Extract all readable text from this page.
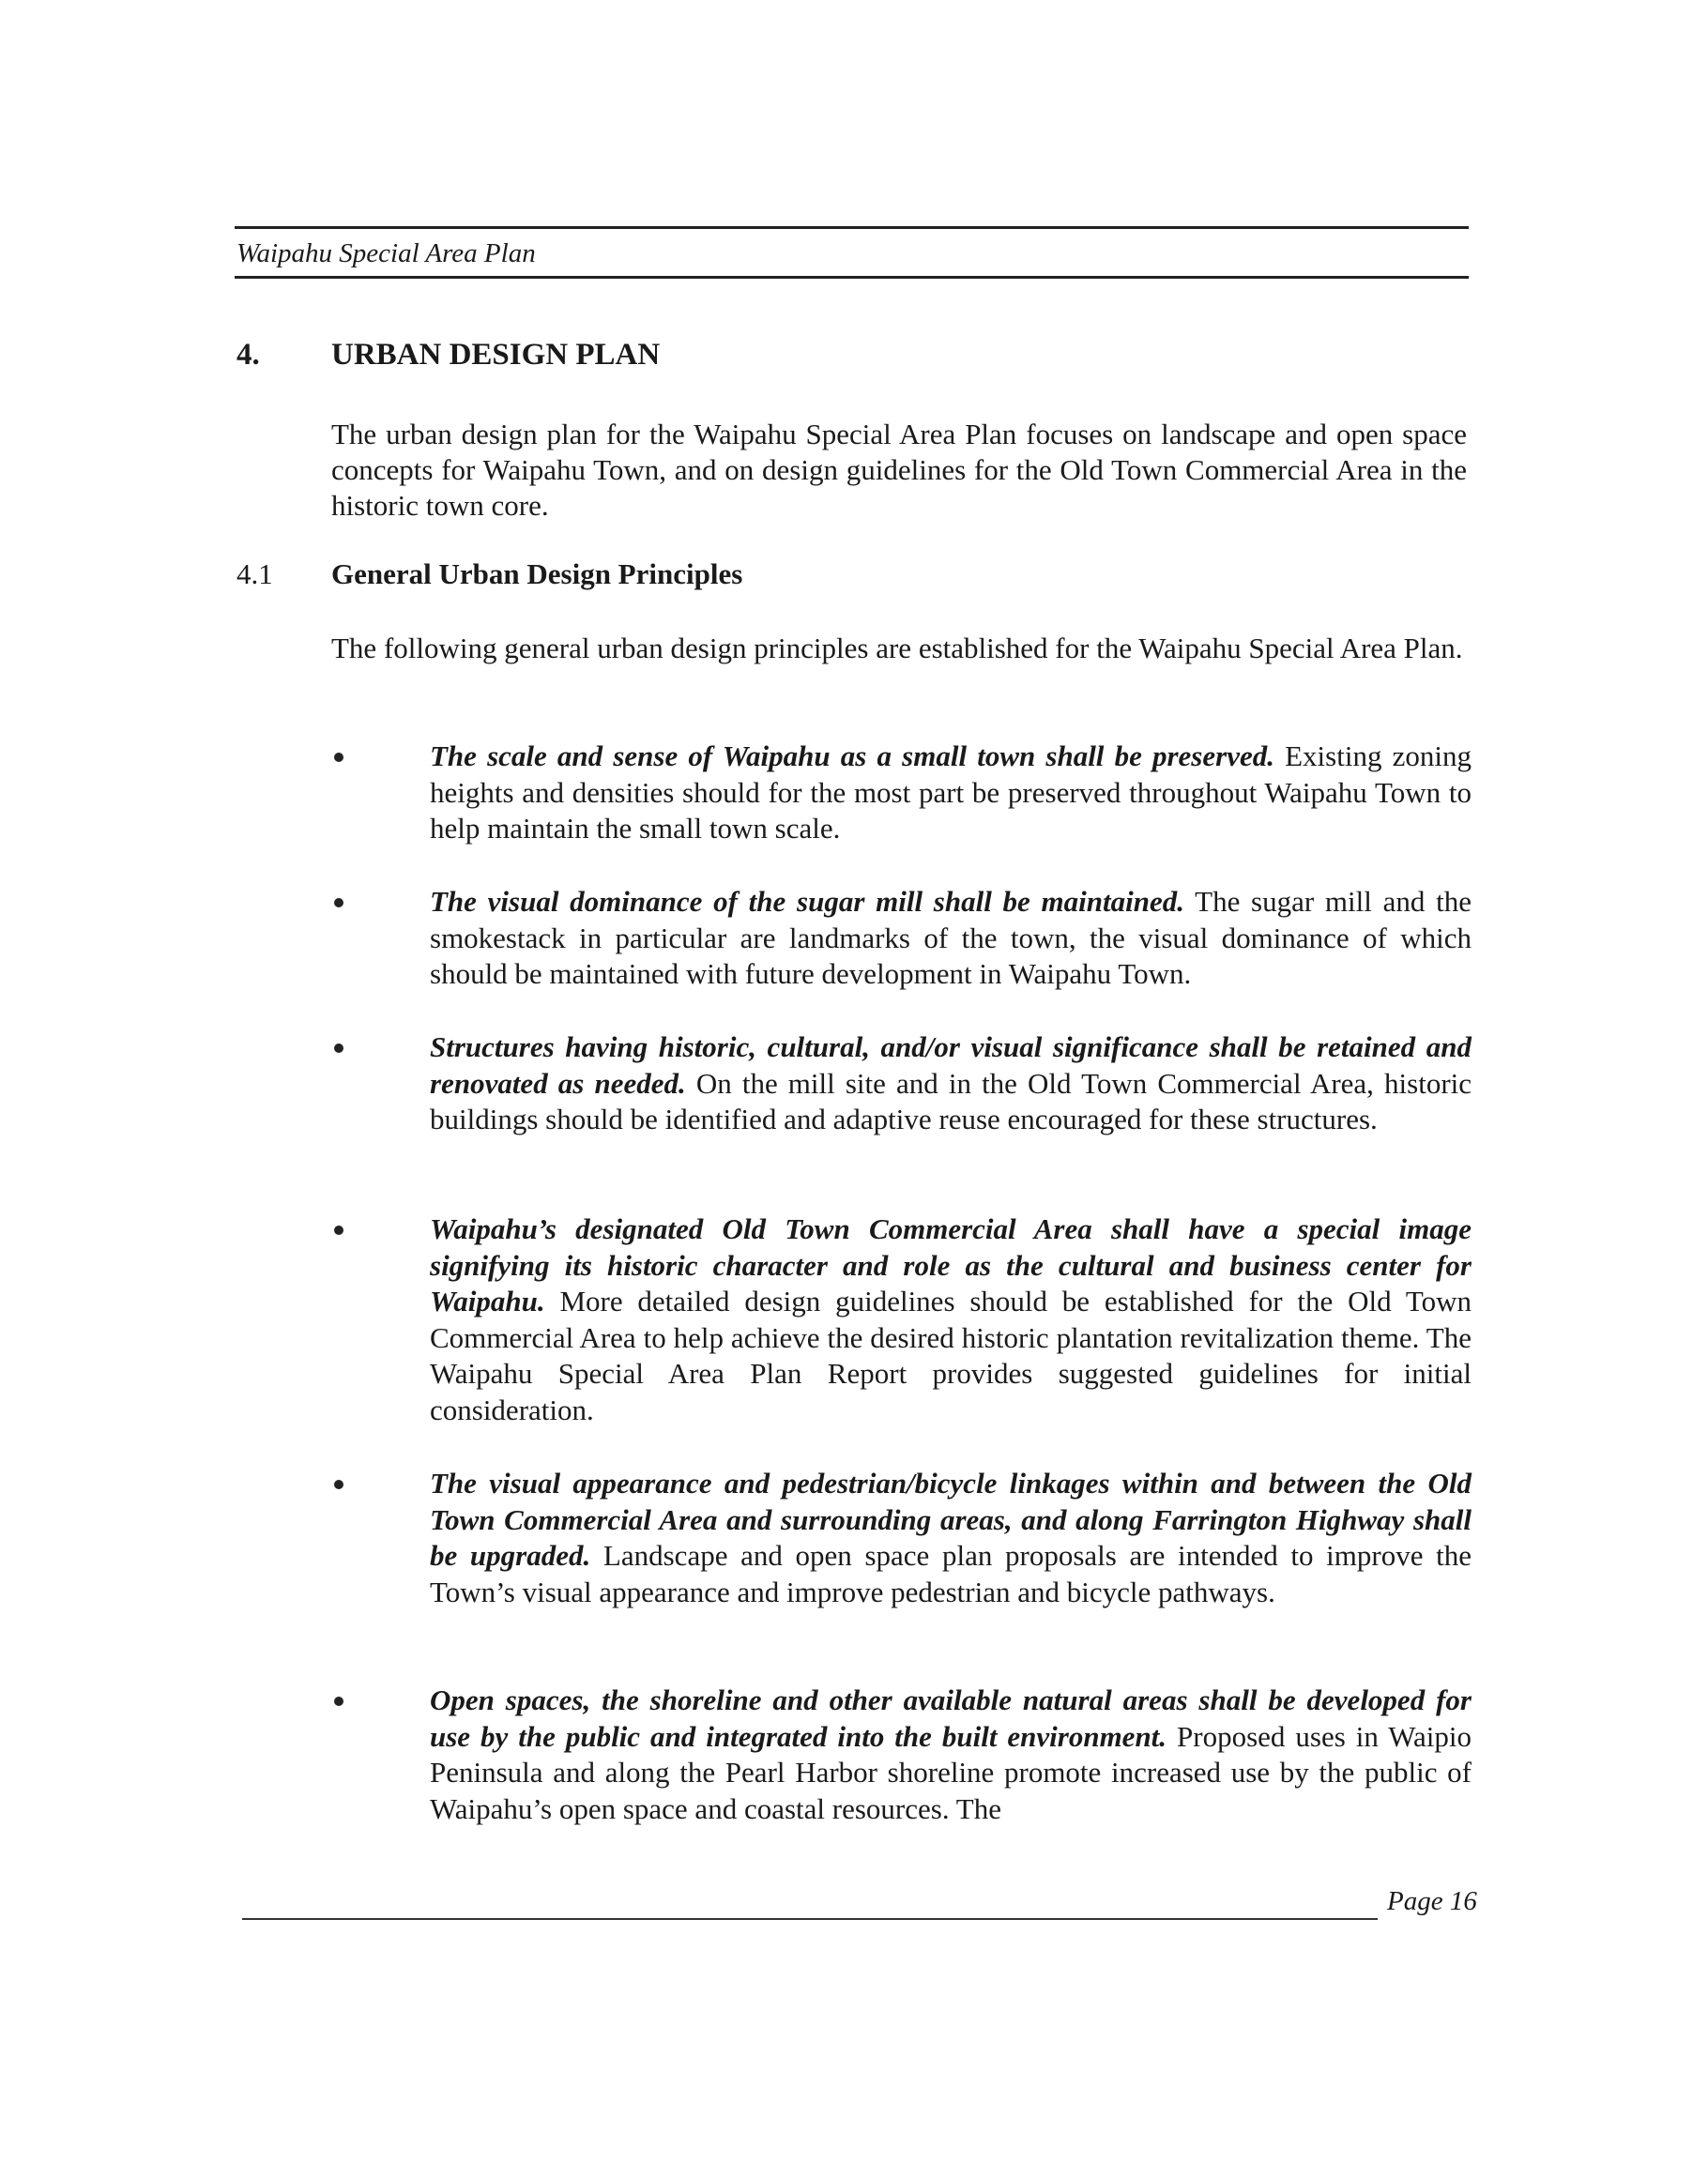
Waipahu Special Area Plan
4. URBAN DESIGN PLAN
The urban design plan for the Waipahu Special Area Plan focuses on landscape and open space concepts for Waipahu Town, and on design guidelines for the Old Town Commercial Area in the historic town core.
4.1 General Urban Design Principles
The following general urban design principles are established for the Waipahu Special Area Plan.
The scale and sense of Waipahu as a small town shall be preserved. Existing zoning heights and densities should for the most part be preserved throughout Waipahu Town to help maintain the small town scale.
The visual dominance of the sugar mill shall be maintained. The sugar mill and the smokestack in particular are landmarks of the town, the visual dominance of which should be maintained with future development in Waipahu Town.
Structures having historic, cultural, and/or visual significance shall be retained and renovated as needed. On the mill site and in the Old Town Commercial Area, historic buildings should be identified and adaptive reuse encouraged for these structures.
Waipahu’s designated Old Town Commercial Area shall have a special image signifying its historic character and role as the cultural and business center for Waipahu. More detailed design guidelines should be established for the Old Town Commercial Area to help achieve the desired historic plantation revitalization theme. The Waipahu Special Area Plan Report provides suggested guidelines for initial consideration.
The visual appearance and pedestrian/bicycle linkages within and between the Old Town Commercial Area and surrounding areas, and along Farrington Highway shall be upgraded. Landscape and open space plan proposals are intended to improve the Town’s visual appearance and improve pedestrian and bicycle pathways.
Open spaces, the shoreline and other available natural areas shall be developed for use by the public and integrated into the built environment. Proposed uses in Waipio Peninsula and along the Pearl Harbor shoreline promote increased use by the public of Waipahu’s open space and coastal resources. The
Page 16
